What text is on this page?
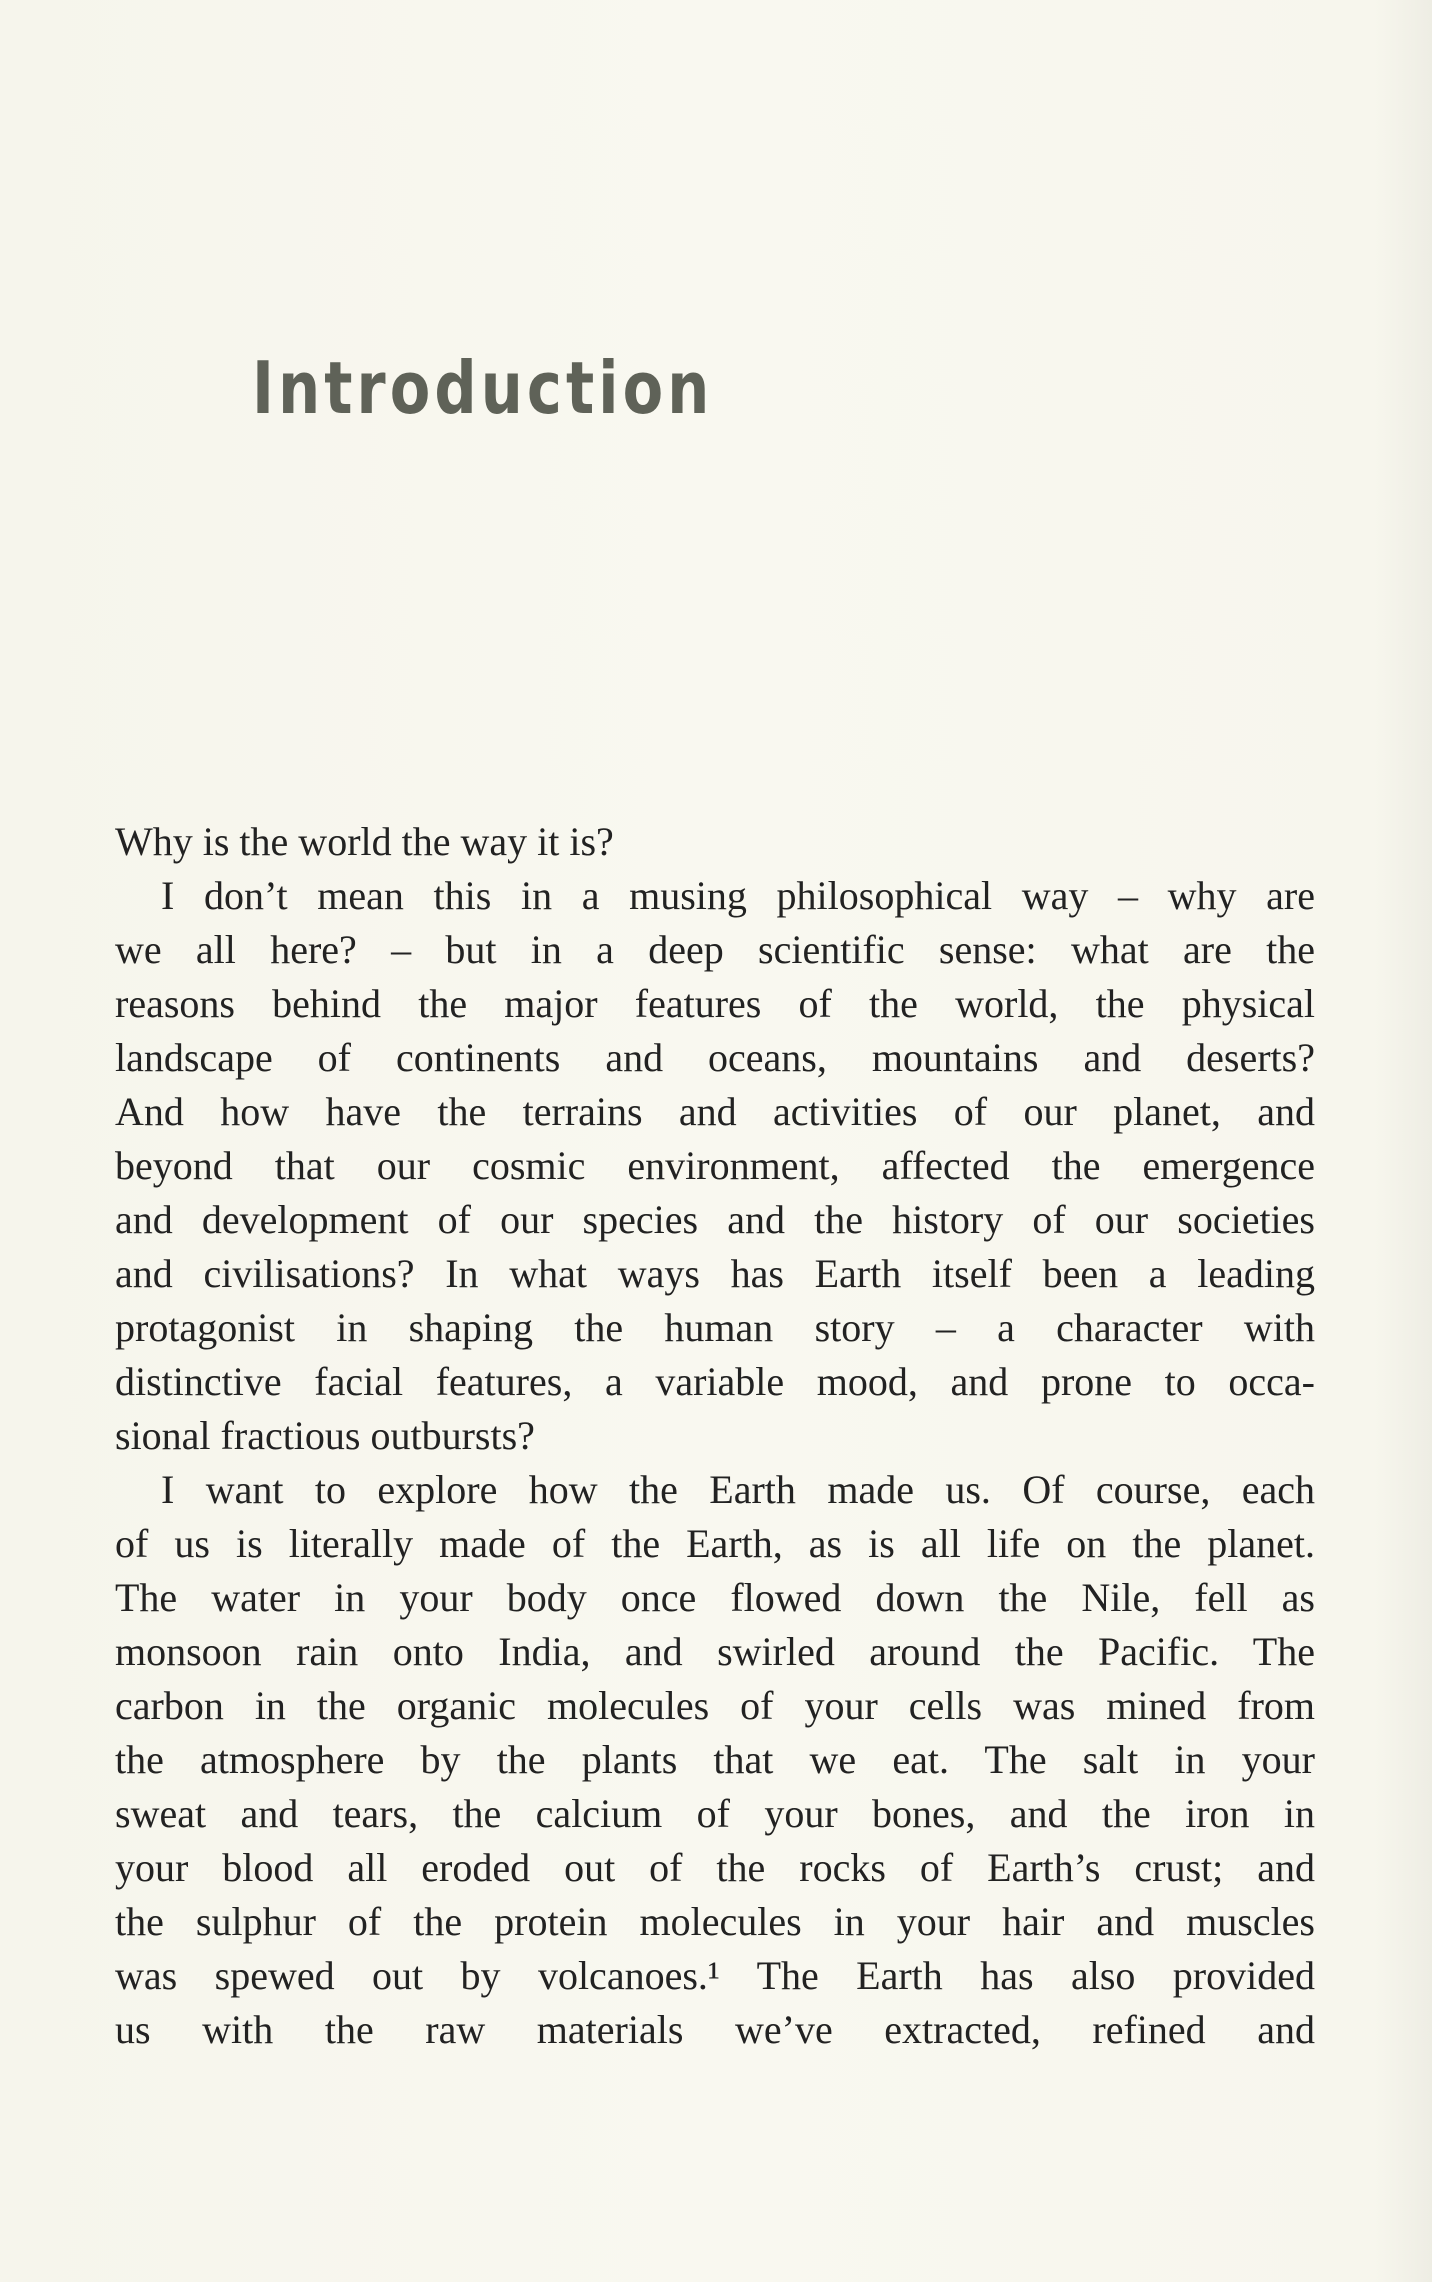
Introduction

Why is the world the way it is?

I don’t mean this in a musing philosophical way – why are
we all here? – but in a deep scientific sense: what are the
reasons behind the major features of the world, the physical
landscape of continents and oceans, mountains and deserts?
And how have the terrains and activities of our planet, and
beyond that our cosmic environment, affected the emergence
and development of our species and the history of our societies
and civilisations? In what ways has Earth itself been a leading
protagonist in shaping the human story – a character with
distinctive facial features, a variable mood, and prone to occa-
sional fractious outbursts?

I want to explore how the Earth made us. Of course, each
of us is literally made of the Earth, as is all life on the planet.
The water in your body once flowed down the Nile, fell as
monsoon rain onto India, and swirled around the Pacific. The
carbon in the organic molecules of your cells was mined from
the atmosphere by the plants that we eat. The salt in your
sweat and tears, the calcium of your bones, and the iron in
your blood all eroded out of the rocks of Earth’s crust; and
the sulphur of the protein molecules in your hair and muscles
was spewed out by volcanoes.¹ The Earth has also provided
us with the raw materials we’ve extracted, refined and
